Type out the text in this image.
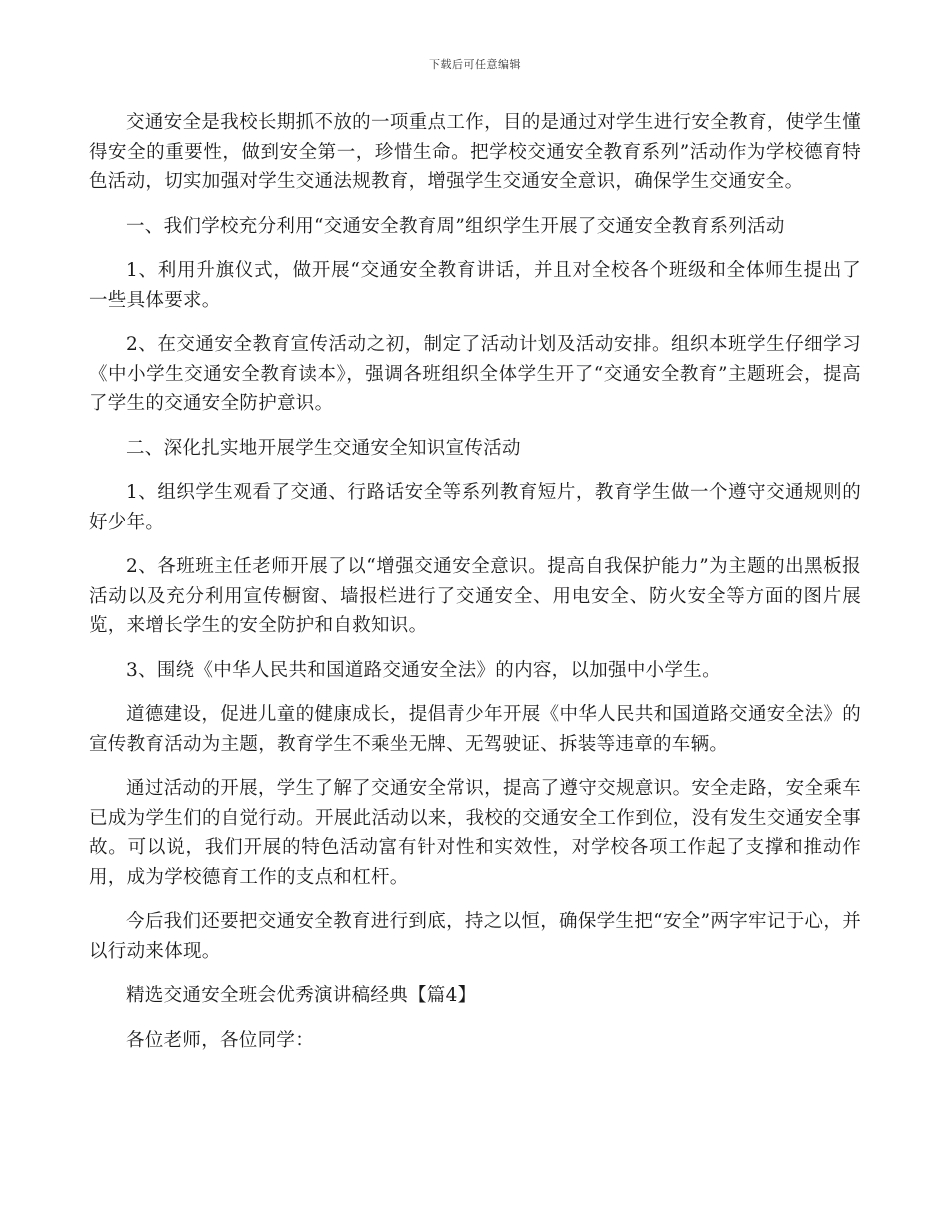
下载后可任意编辑

交通安全是我校长期抓不放的一项重点工作，目的是通过对学生进行安全教育，使学生懂得安全的重要性，做到安全第一，珍惜生命。把学校交通安全教育系列”活动作为学校德育特色活动，切实加强对学生交通法规教育，增强学生交通安全意识，确保学生交通安全。

一、我们学校充分利用“交通安全教育周”组织学生开展了交通安全教育系列活动

1、利用升旗仪式，做开展“交通安全教育讲话，并且对全校各个班级和全体师生提出了一些具体要求。

2、在交通安全教育宣传活动之初，制定了活动计划及活动安排。组织本班学生仔细学习《中小学生交通安全教育读本》，强调各班组织全体学生开了“交通安全教育”主题班会，提高了学生的交通安全防护意识。

二、深化扎实地开展学生交通安全知识宣传活动

1、组织学生观看了交通、行路话安全等系列教育短片，教育学生做一个遵守交通规则的好少年。

2、各班班主任老师开展了以“增强交通安全意识。提高自我保护能力”为主题的出黑板报活动以及充分利用宣传橱窗、墙报栏进行了交通安全、用电安全、防火安全等方面的图片展览，来增长学生的安全防护和自救知识。

3、围绕《中华人民共和国道路交通安全法》的内容，以加强中小学生。

道德建设，促进儿童的健康成长，提倡青少年开展《中华人民共和国道路交通安全法》的宣传教育活动为主题，教育学生不乘坐无牌、无驾驶证、拆装等违章的车辆。

通过活动的开展，学生了解了交通安全常识，提高了遵守交规意识。安全走路，安全乘车已成为学生们的自觉行动。开展此活动以来，我校的交通安全工作到位，没有发生交通安全事故。可以说，我们开展的特色活动富有针对性和实效性，对学校各项工作起了支撑和推动作用，成为学校德育工作的支点和杠杆。

今后我们还要把交通安全教育进行到底，持之以恒，确保学生把“安全”两字牢记于心，并以行动来体现。

精选交通安全班会优秀演讲稿经典【篇4】

各位老师，各位同学：
